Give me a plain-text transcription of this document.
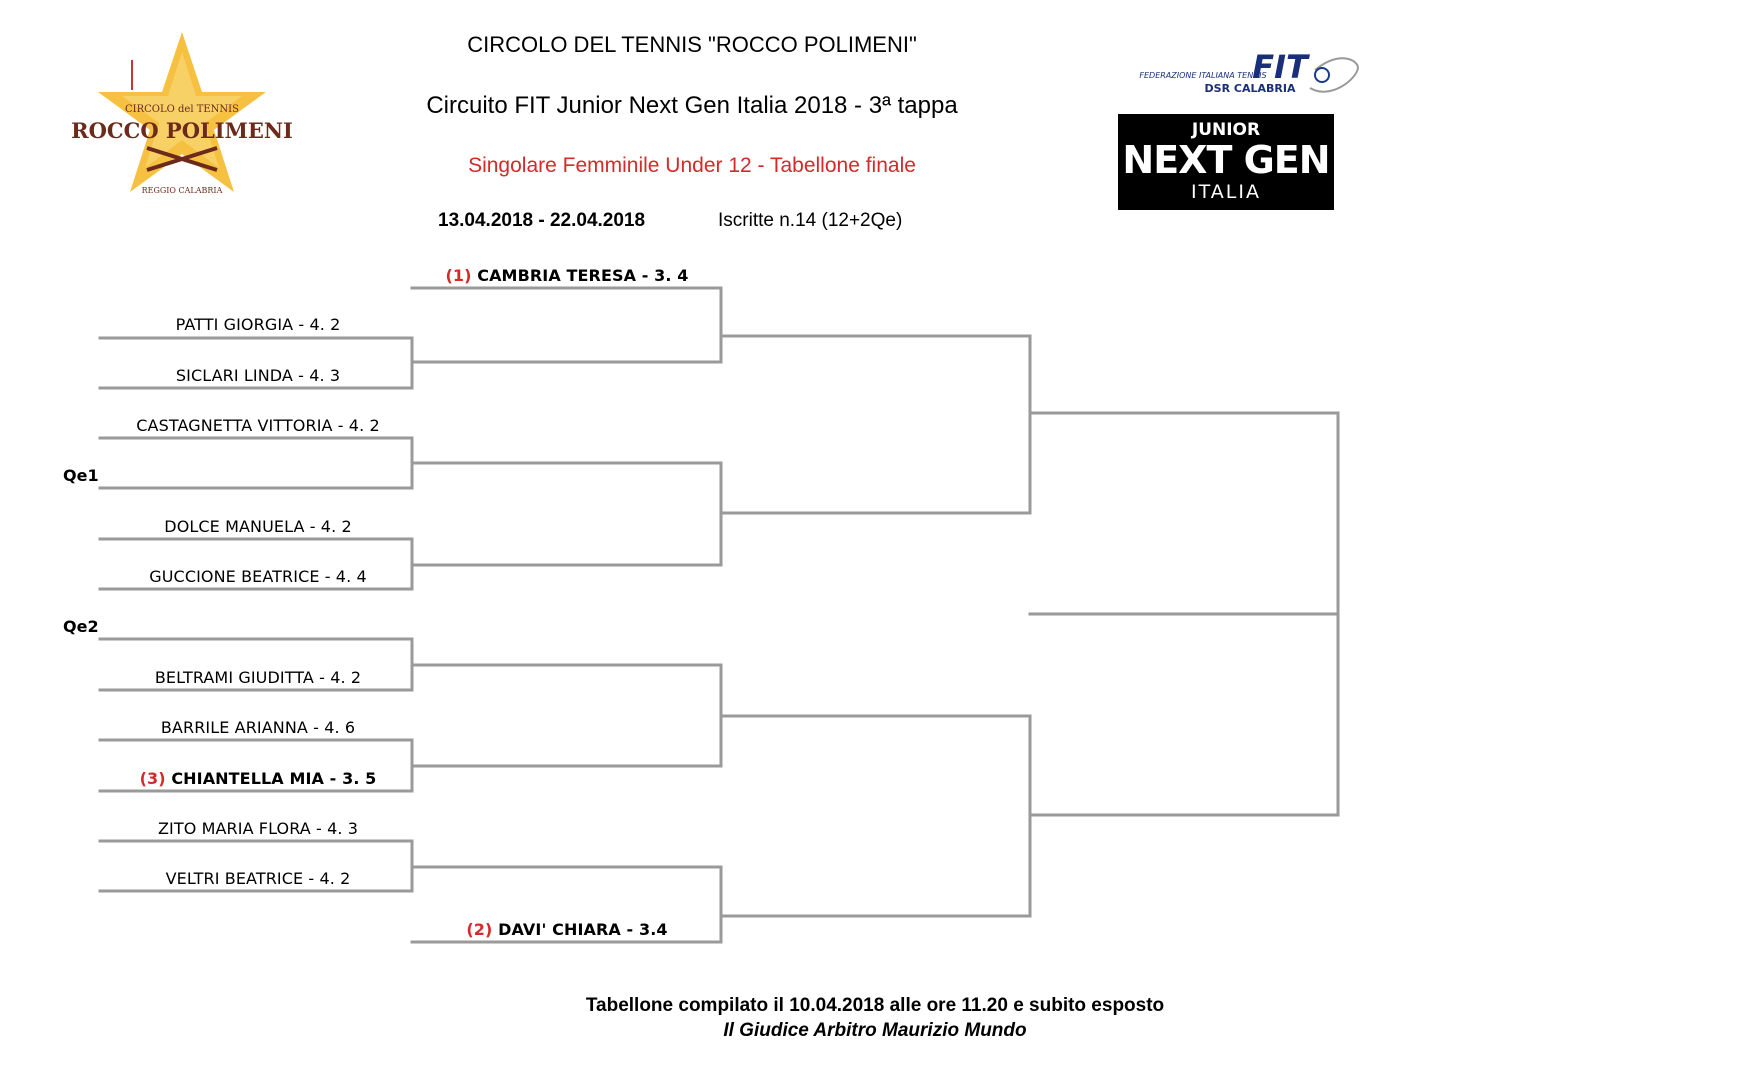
CIRCOLO del TENNIS
ROCCO POLIMENI
REGGIO CALABRIA
CIRCOLO DEL TENNIS "ROCCO POLIMENI"
Circuito FIT Junior Next Gen Italia 2018 - 3ª tappa
Singolare Femminile Under 12 - Tabellone finale
13.04.2018 - 22.04.2018	Iscritte n.14 (12+2Qe)
FIT
FEDERAZIONE ITALIANA TENNIS
DSR CALABRIA
JUNIOR
NEXT GEN
ITALIA
(1) CAMBRIA TERESA - 3. 4
PATTI GIORGIA - 4. 2
SICLARI LINDA - 4. 3
CASTAGNETTA VITTORIA - 4. 2
Qe1
DOLCE MANUELA - 4. 2
GUCCIONE BEATRICE - 4. 4
Qe2
BELTRAMI GIUDITTA - 4. 2
BARRILE ARIANNA - 4. 6
(3) CHIANTELLA MIA - 3. 5
ZITO MARIA FLORA - 4. 3
VELTRI BEATRICE - 4. 2
(2) DAVI' CHIARA - 3.4
Tabellone compilato il 10.04.2018 alle ore 11.20 e subito esposto
Il Giudice Arbitro Maurizio Mundo
